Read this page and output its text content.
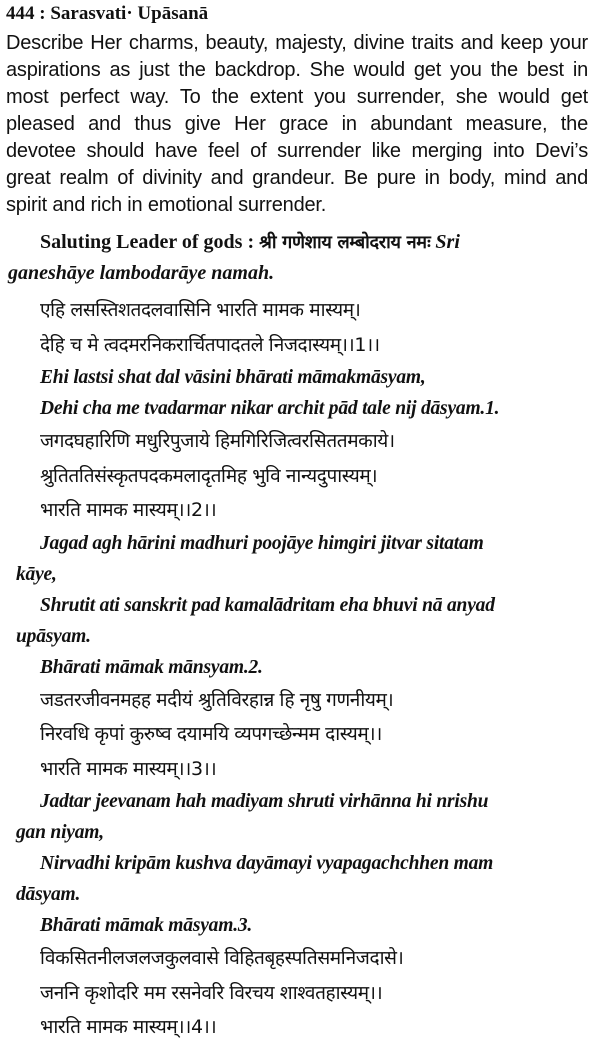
444 : Sarasvati· Upāsanā
Describe Her charms, beauty, majesty, divine traits and keep your aspirations as just the backdrop. She would get you the best in most perfect way. To the extent you surrender, she would get pleased and thus give Her grace in abundant measure, the devotee should have feel of surrender like merging into Devi’s great realm of divinity and grandeur. Be pure in body, mind and spirit and rich in emotional surrender.
Saluting Leader of gods : श्री गणेशाय लम्बोदराय नमः Sri
ganeshāye lambodarāye namah.
एहि लसस्तिशतदलवासिनि भारति मामक मास्यम्।
देहि च मे त्वदमरनिकरार्चितपादतले निजदास्यम्।।1।।
Ehi lastsi shat dal vāsini bhārati māmakmāsyam,
Dehi cha me tvadarmar nikar archit pād tale nij dāsyam.1.
जगदघहारिणि मधुरिपुजाये हिमगिरिजित्वरसिततमकाये।
श्रुतिततिसंस्कृतपदकमलादृतमिह भुवि नान्यदुपास्यम्।
भारति मामक मास्यम्।।2।।
Jagad agh hārini madhuri poojāye himgiri jitvar sitatam
kāye,
Shrutit ati sanskrit pad kamalādritam eha bhuvi nā anyad
upāsyam.
Bhārati māmak mānsyam.2.
जडतरजीवनमहह मदीयं श्रुतिविरहान्न हि नृषु गणनीयम्।
निरवधि कृपां कुरुष्व दयामयि व्यपगच्छेन्मम दास्यम्।।
भारति मामक मास्यम्।।3।।
Jadtar jeevanam hah madiyam shruti virhānna hi nrishu
gan niyam,
Nirvadhi kripām kushva dayāmayi vyapagachchhen mam
dāsyam.
Bhārati māmak māsyam.3.
विकसितनीलजलजकुलवासे विहितबृहस्पतिसमनिजदासे।
जननि कृशोदरि मम रसनेवरि विरचय शाश्वतहास्यम्।।
भारति मामक मास्यम्।।4।।
